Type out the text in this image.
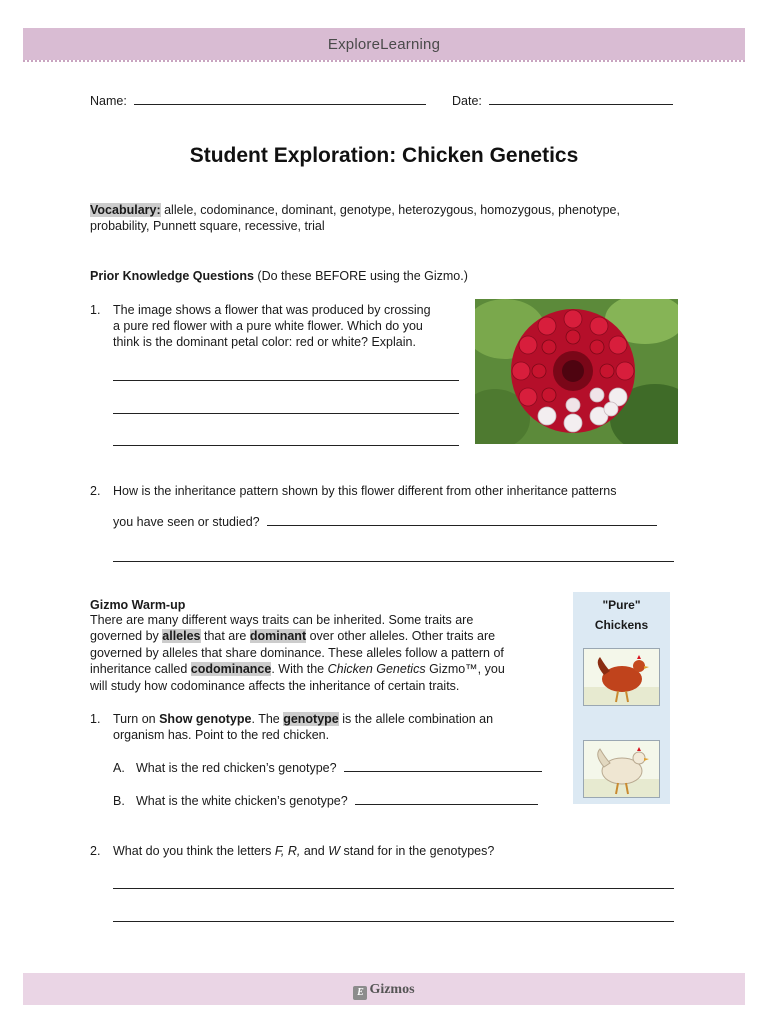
ExploreLearning
Name:	Date:
Student Exploration: Chicken Genetics
Vocabulary: allele, codominance, dominant, genotype, heterozygous, homozygous, phenotype,
probability, Punnett square, recessive, trial
Prior Knowledge Questions (Do these BEFORE using the Gizmo.)
1. The image shows a flower that was produced by crossing
a pure red flower with a pure white flower. Which do you
think is the dominant petal color: red or white? Explain.
2. How is the inheritance pattern shown by this flower different from other inheritance patterns
you have seen or studied?
Gizmo Warm-up
There are many different ways traits can be inherited. Some traits are
governed by alleles that are dominant over other alleles. Other traits are
governed by alleles that share dominance. These alleles follow a pattern of
inheritance called codominance. With the Chicken Genetics Gizmo™, you
will study how codominance affects the inheritance of certain traits.
1. Turn on Show genotype. The genotype is the allele combination an
organism has. Point to the red chicken.
A. What is the red chicken’s genotype?
B. What is the white chicken’s genotype?
"Pure"
Chickens
2. What do you think the letters F, R, and W stand for in the genotypes?
E Gizmos
